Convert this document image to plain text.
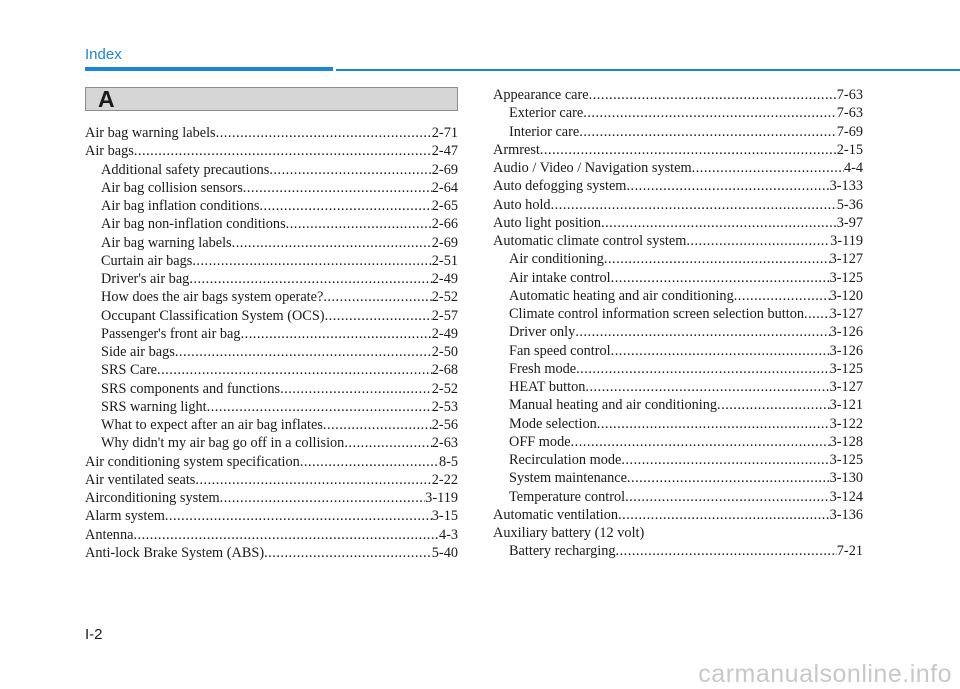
Index
A
Air bag warning labels .....	2-71
Air bags .....	2-47
Additional safety precautions .....	2-69
Air bag collision sensors .....	2-64
Air bag inflation conditions .....	2-65
Air bag non-inflation conditions .....	2-66
Air bag warning labels .....	2-69
Curtain air bags .....	2-51
Driver's air bag .....	2-49
How does the air bags system operate? .....	2-52
Occupant Classification System (OCS) .....	2-57
Passenger's front air bag .....	2-49
Side air bags .....	2-50
SRS Care .....	2-68
SRS components and functions .....	2-52
SRS warning light .....	2-53
What to expect after an air bag inflates .....	2-56
Why didn't my air bag go off in a collision .....	2-63
Air conditioning system specification .....	8-5
Air ventilated seats .....	2-22
Airconditioning system .....	3-119
Alarm system .....	3-15
Antenna .....	4-3
Anti-lock Brake System (ABS) .....	5-40
Appearance care .....	7-63
Exterior care .....	7-63
Interior care .....	7-69
Armrest .....	2-15
Audio / Video / Navigation system .....	4-4
Auto defogging system .....	3-133
Auto hold .....	5-36
Auto light position .....	3-97
Automatic climate control system .....	3-119
Air conditioning .....	3-127
Air intake control .....	3-125
Automatic heating and air conditioning .....	3-120
Climate control information screen selection button ..... 3-127
Driver only .....	3-126
Fan speed control .....	3-126
Fresh mode .....	3-125
HEAT button .....	3-127
Manual heating and air conditioning .....	3-121
Mode selection .....	3-122
OFF mode .....	3-128
Recirculation mode .....	3-125
System maintenance .....	3-130
Temperature control .....	3-124
Automatic ventilation .....	3-136
Auxiliary battery (12 volt)
Battery recharging .....	7-21
I-2
carmanualsonline.info
